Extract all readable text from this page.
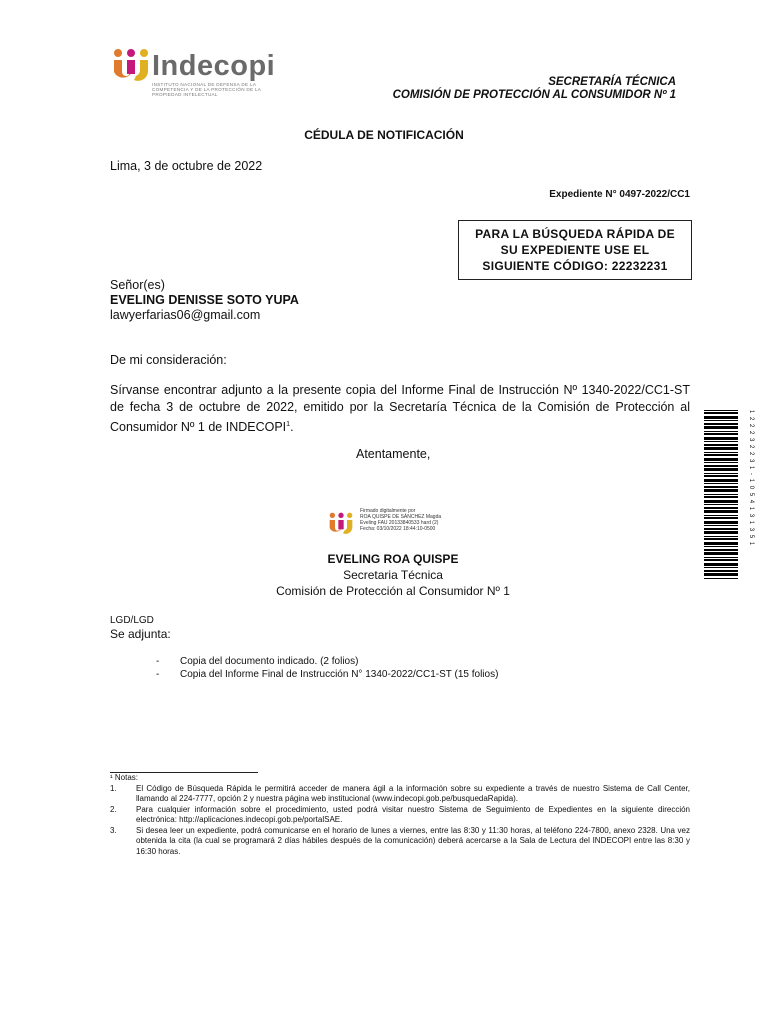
Indecopi
INSTITUTO NACIONAL DE DEFENSA DE LA COMPETENCIA Y DE LA PROTECCIÓN DE LA PROPIEDAD INTELECTUAL
SECRETARÍA TÉCNICA
COMISIÓN DE PROTECCIÓN AL CONSUMIDOR Nº 1
CÉDULA DE NOTIFICACIÓN
Lima, 3 de octubre de 2022
Expediente N° 0497-2022/CC1
PARA LA BÚSQUEDA RÁPIDA DE SU EXPEDIENTE USE EL SIGUIENTE CÓDIGO: 22232231
Señor(es)
EVELING DENISSE SOTO YUPA
lawyerfarias06@gmail.com
De mi consideración:
Sírvanse encontrar adjunto a la presente copia del Informe Final de Instrucción Nº 1340-2022/CC1-ST de fecha 3 de octubre de 2022, emitido por la Secretaría Técnica de la Comisión de Protección al Consumidor Nº 1 de INDECOPI$^1$.
Atentamente,
Firmado digitalmente por
ROA QUISPE DE SÁNCHEZ Magda
Eveling FAU 20133840533 hard (2)
Fecha: 03/10/2022 18:44:10-0500
EVELING ROA QUISPE
Secretaria Técnica
Comisión de Protección al Consumidor Nº 1
LGD/LGD
Se adjunta:
- Copia del documento indicado. (2 folios)
- Copia del Informe Final de Instrucción N° 1340-2022/CC1-ST (15 folios)
¹ Notas:
1.	El Código de Búsqueda Rápida le permitirá acceder de manera ágil a la información sobre su expediente a través de nuestro Sistema de Call Center, llamando al 224-7777, opción 2 y nuestra página web institucional (www.indecopi.gob.pe/busquedaRapida).
2.	Para cualquier información sobre el procedimiento, usted podrá visitar nuestro Sistema de Seguimiento de Expedientes en la siguiente dirección electrónica: http://aplicaciones.indecopi.gob.pe/portalSAE.
3.	Si desea leer un expediente, podrá comunicarse en el horario de lunes a viernes, entre las 8:30 y 11:30 horas, al teléfono 224-7800, anexo 2328. Una vez obtenida la cita (la cual se programará 2 días hábiles después de la comunicación) deberá acercarse a la Sala de Lectura del INDECOPI entre las 8:30 y 16:30 horas.
1 2 2 2 3 2 2 3 1 - 1 0 5 4 1 3 1 3 5 1
